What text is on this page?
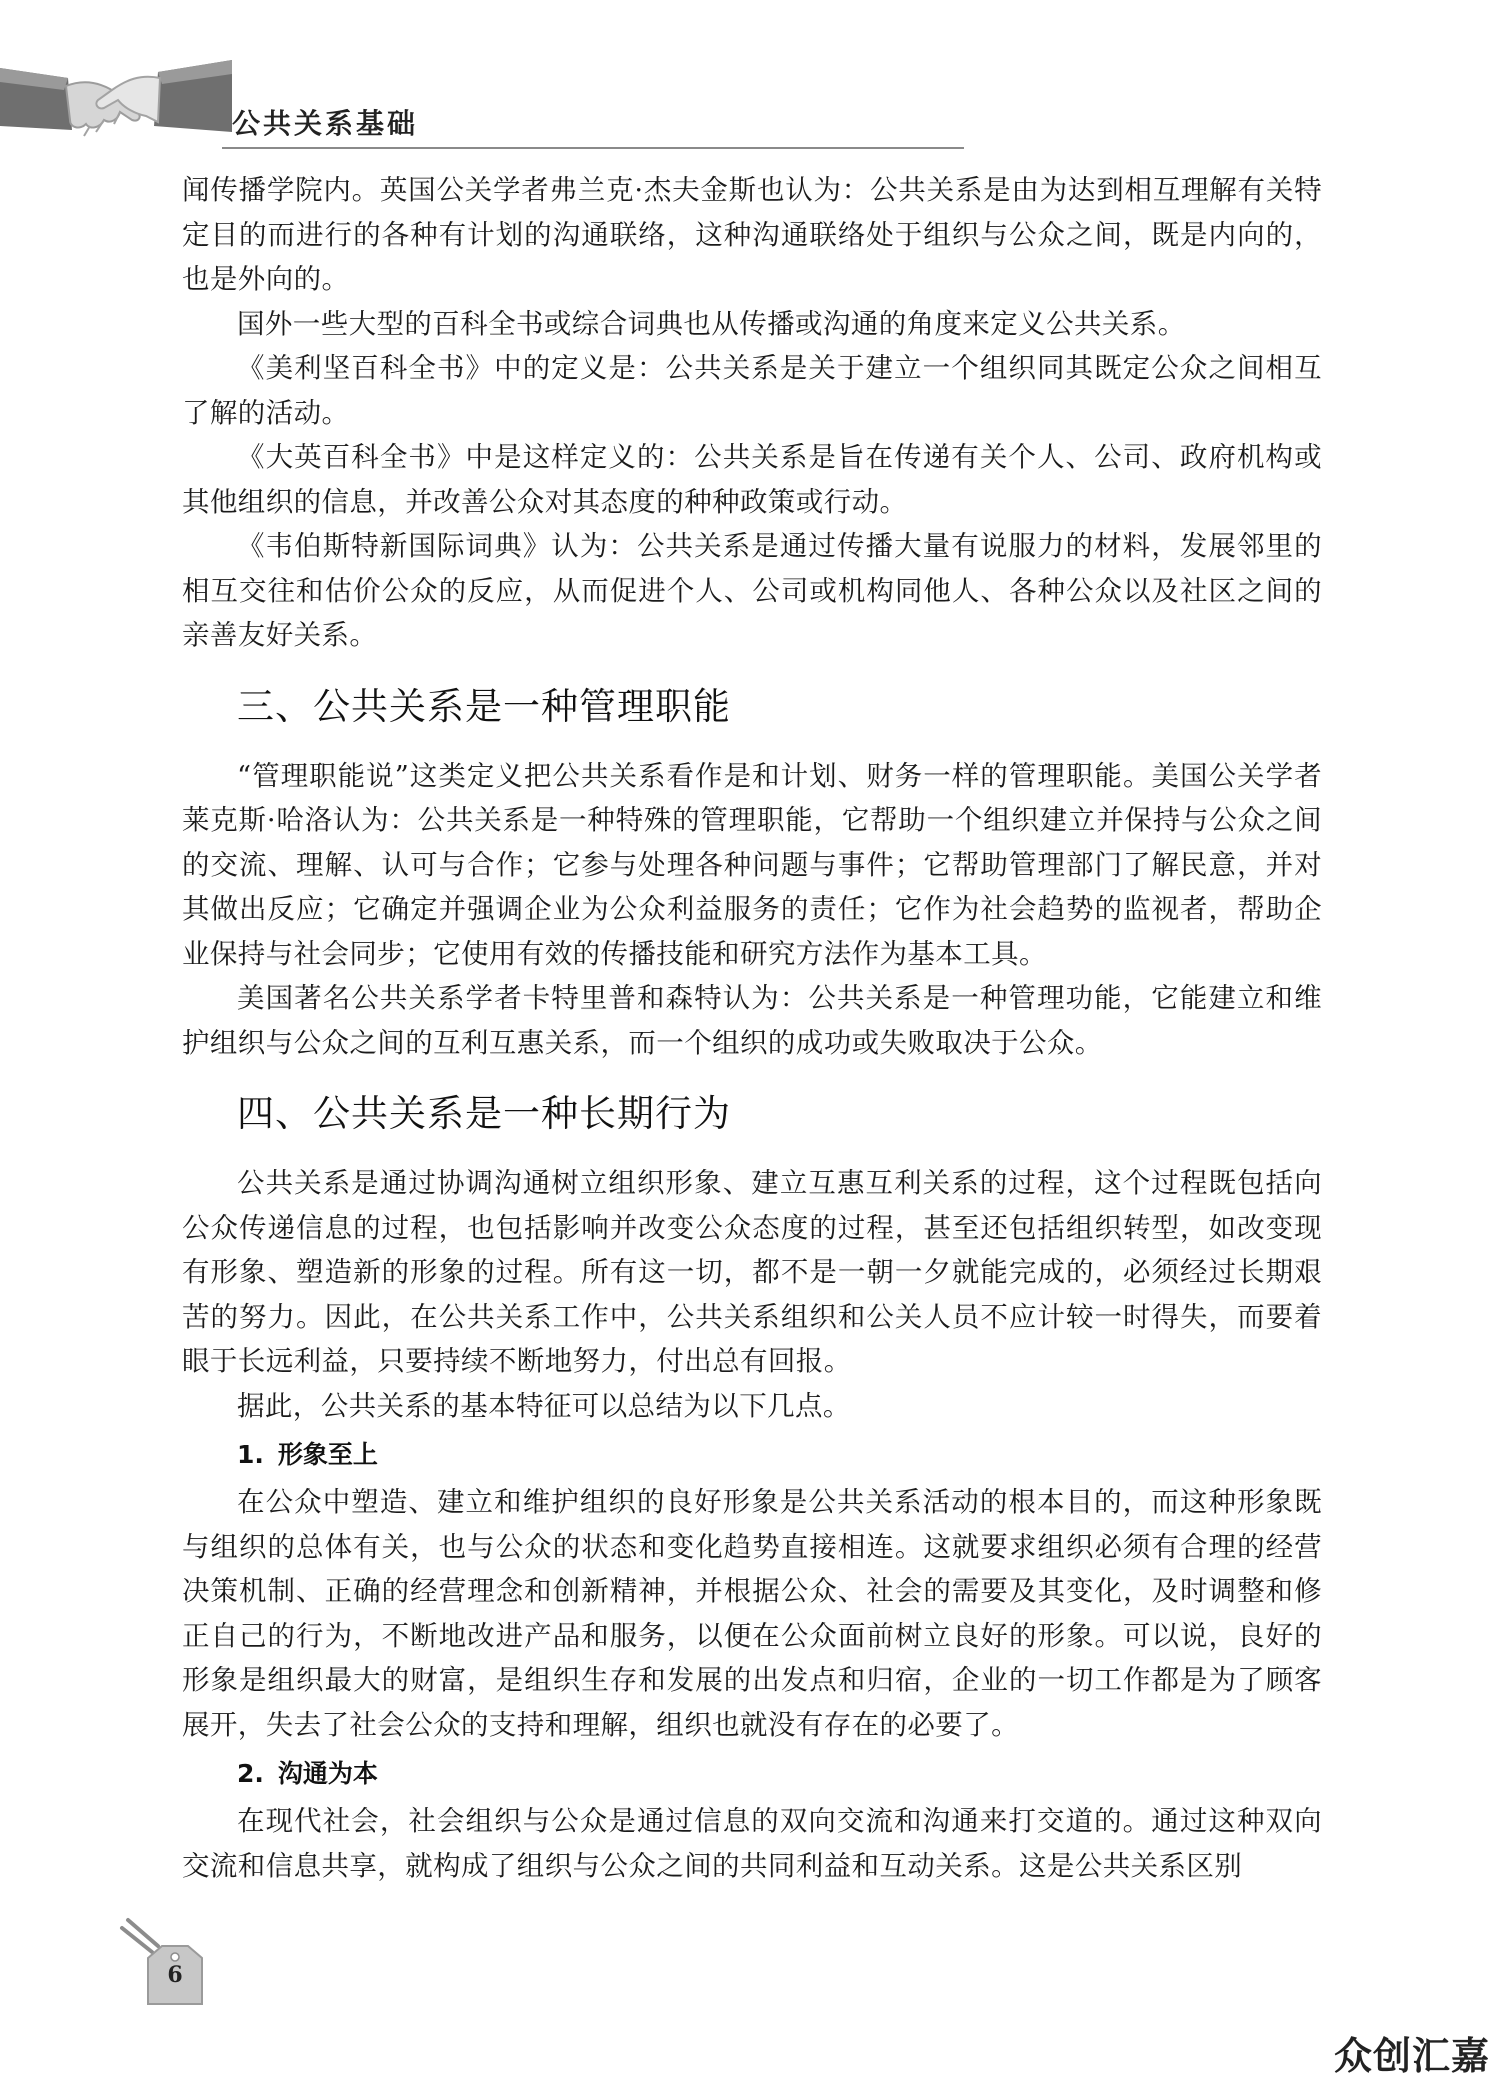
公共关系基础

闻传播学院内。英国公关学者弗兰克·杰夫金斯也认为：公共关系是由为达到相互理解有关特定目的而进行的各种有计划的沟通联络，这种沟通联络处于组织与公众之间，既是内向的，也是外向的。

国外一些大型的百科全书或综合词典也从传播或沟通的角度来定义公共关系。

《美利坚百科全书》中的定义是：公共关系是关于建立一个组织同其既定公众之间相互了解的活动。

《大英百科全书》中是这样定义的：公共关系是旨在传递有关个人、公司、政府机构或其他组织的信息，并改善公众对其态度的种种政策或行动。

《韦伯斯特新国际词典》认为：公共关系是通过传播大量有说服力的材料，发展邻里的相互交往和估价公众的反应，从而促进个人、公司或机构同他人、各种公众以及社区之间的亲善友好关系。

三、公共关系是一种管理职能

“管理职能说”这类定义把公共关系看作是和计划、财务一样的管理职能。美国公关学者莱克斯·哈洛认为：公共关系是一种特殊的管理职能，它帮助一个组织建立并保持与公众之间的交流、理解、认可与合作；它参与处理各种问题与事件；它帮助管理部门了解民意，并对其做出反应；它确定并强调企业为公众利益服务的责任；它作为社会趋势的监视者，帮助企业保持与社会同步；它使用有效的传播技能和研究方法作为基本工具。

美国著名公共关系学者卡特里普和森特认为：公共关系是一种管理功能，它能建立和维护组织与公众之间的互利互惠关系，而一个组织的成功或失败取决于公众。

四、公共关系是一种长期行为

公共关系是通过协调沟通树立组织形象、建立互惠互利关系的过程，这个过程既包括向公众传递信息的过程，也包括影响并改变公众态度的过程，甚至还包括组织转型，如改变现有形象、塑造新的形象的过程。所有这一切，都不是一朝一夕就能完成的，必须经过长期艰苦的努力。因此，在公共关系工作中，公共关系组织和公关人员不应计较一时得失，而要着眼于长远利益，只要持续不断地努力，付出总有回报。

据此，公共关系的基本特征可以总结为以下几点。

1. 形象至上

在公众中塑造、建立和维护组织的良好形象是公共关系活动的根本目的，而这种形象既与组织的总体有关，也与公众的状态和变化趋势直接相连。这就要求组织必须有合理的经营决策机制、正确的经营理念和创新精神，并根据公众、社会的需要及其变化，及时调整和修正自己的行为，不断地改进产品和服务，以便在公众面前树立良好的形象。可以说，良好的形象是组织最大的财富，是组织生存和发展的出发点和归宿，企业的一切工作都是为了顾客展开，失去了社会公众的支持和理解，组织也就没有存在的必要了。

2. 沟通为本

在现代社会，社会组织与公众是通过信息的双向交流和沟通来打交道的。通过这种双向交流和信息共享，就构成了组织与公众之间的共同利益和互动关系。这是公共关系区别

6
众创汇嘉
